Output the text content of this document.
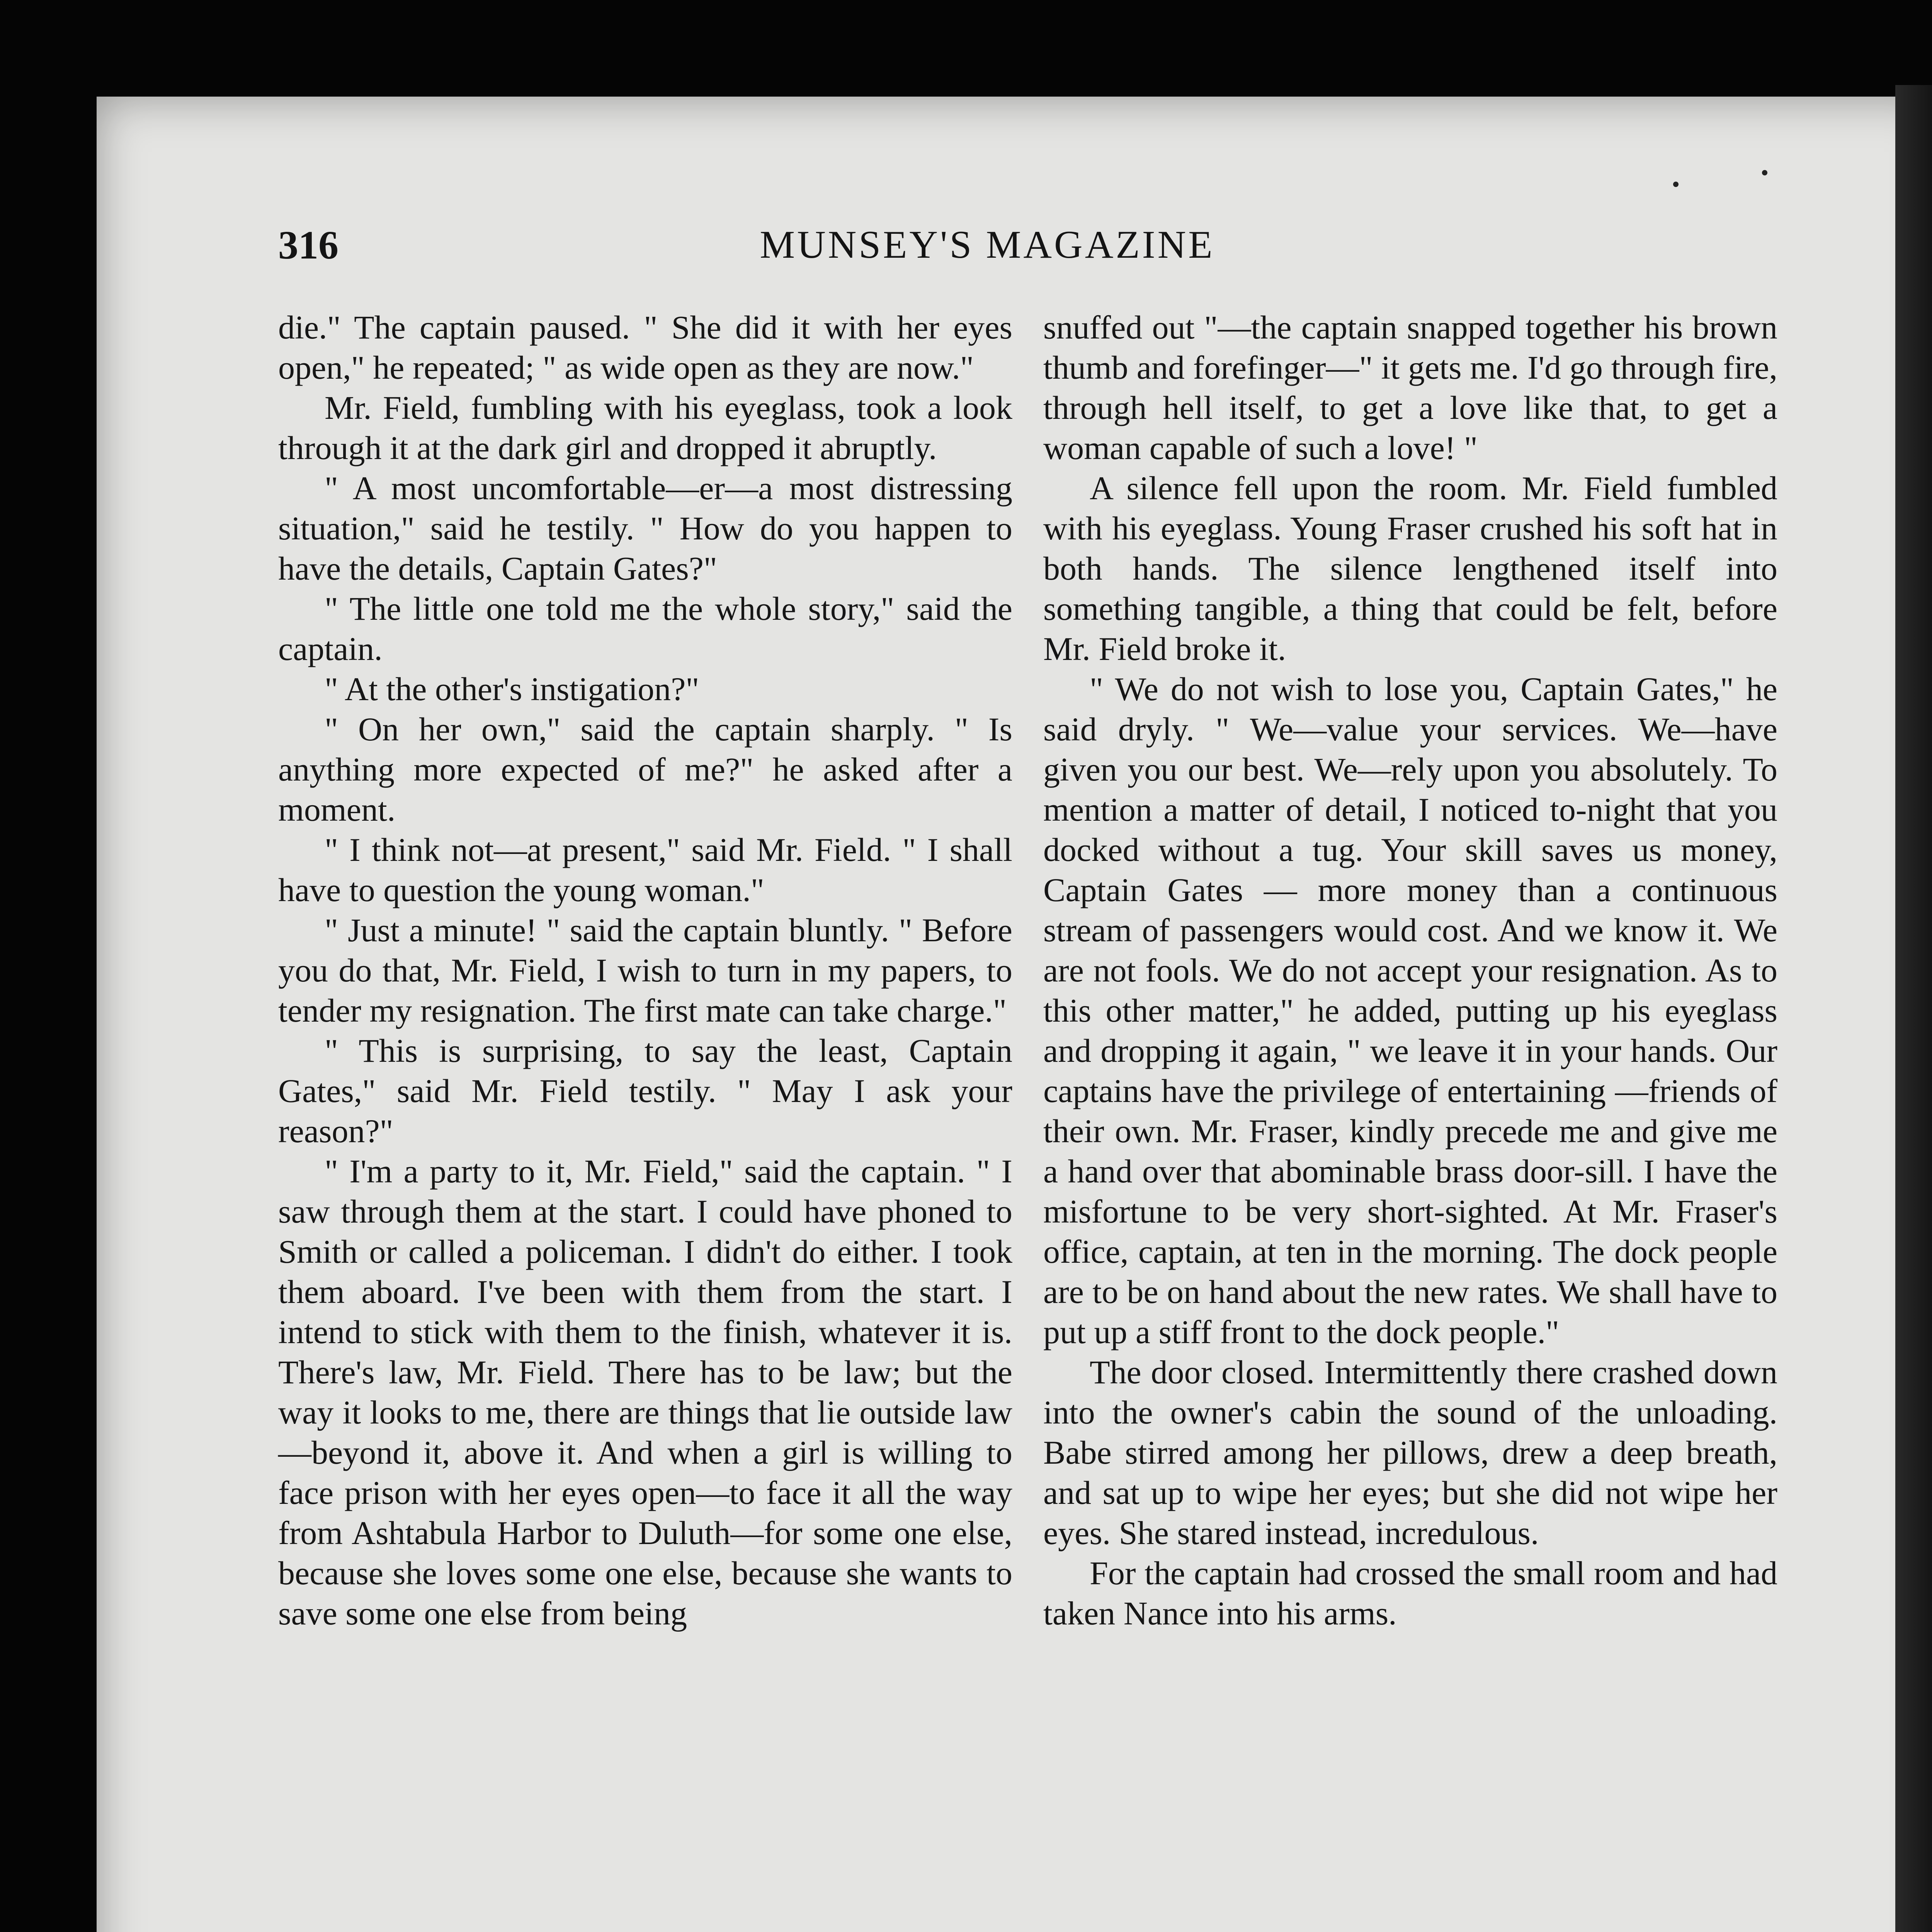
316	MUNSEY'S MAGAZINE

die." The captain paused. " She did it with her eyes open," he repeated; " as wide open as they are now."

Mr. Field, fumbling with his eyeglass, took a look through it at the dark girl and dropped it abruptly.

" A most uncomfortable—er—a most distressing situation," said he testily. " How do you happen to have the details, Captain Gates?"

" The little one told me the whole story," said the captain.

" At the other's instigation?"

" On her own," said the captain sharply. " Is anything more expected of me?" he asked after a moment.

" I think not—at present," said Mr. Field. " I shall have to question the young woman."

" Just a minute! " said the captain bluntly. " Before you do that, Mr. Field, I wish to turn in my papers, to tender my resignation. The first mate can take charge."

" This is surprising, to say the least, Captain Gates," said Mr. Field testily. " May I ask your reason?"

" I'm a party to it, Mr. Field," said the captain. " I saw through them at the start. I could have phoned to Smith or called a policeman. I didn't do either. I took them aboard. I've been with them from the start. I intend to stick with them to the finish, whatever it is. There's law, Mr. Field. There has to be law; but the way it looks to me, there are things that lie outside law—beyond it, above it. And when a girl is willing to face prison with her eyes open—to face it all the way from Ashtabula Harbor to Duluth—for some one else, because she loves some one else, because she wants to save some one else from being

snuffed out "—the captain snapped together his brown thumb and forefinger—" it gets me. I'd go through fire, through hell itself, to get a love like that, to get a woman capable of such a love! "

A silence fell upon the room. Mr. Field fumbled with his eyeglass. Young Fraser crushed his soft hat in both hands. The silence lengthened itself into something tangible, a thing that could be felt, before Mr. Field broke it.

" We do not wish to lose you, Captain Gates," he said dryly. " We—value your services. We—have given you our best. We—rely upon you absolutely. To mention a matter of detail, I noticed to-night that you docked without a tug. Your skill saves us money, Captain Gates — more money than a continuous stream of passengers would cost. And we know it. We are not fools. We do not accept your resignation. As to this other matter," he added, putting up his eyeglass and dropping it again, " we leave it in your hands. Our captains have the privilege of entertaining —friends of their own. Mr. Fraser, kindly precede me and give me a hand over that abominable brass door-sill. I have the misfortune to be very short-sighted. At Mr. Fraser's office, captain, at ten in the morning. The dock people are to be on hand about the new rates. We shall have to put up a stiff front to the dock people."

The door closed. Intermittently there crashed down into the owner's cabin the sound of the unloading. Babe stirred among her pillows, drew a deep breath, and sat up to wipe her eyes; but she did not wipe her eyes. She stared instead, incredulous.

For the captain had crossed the small room and had taken Nance into his arms.
